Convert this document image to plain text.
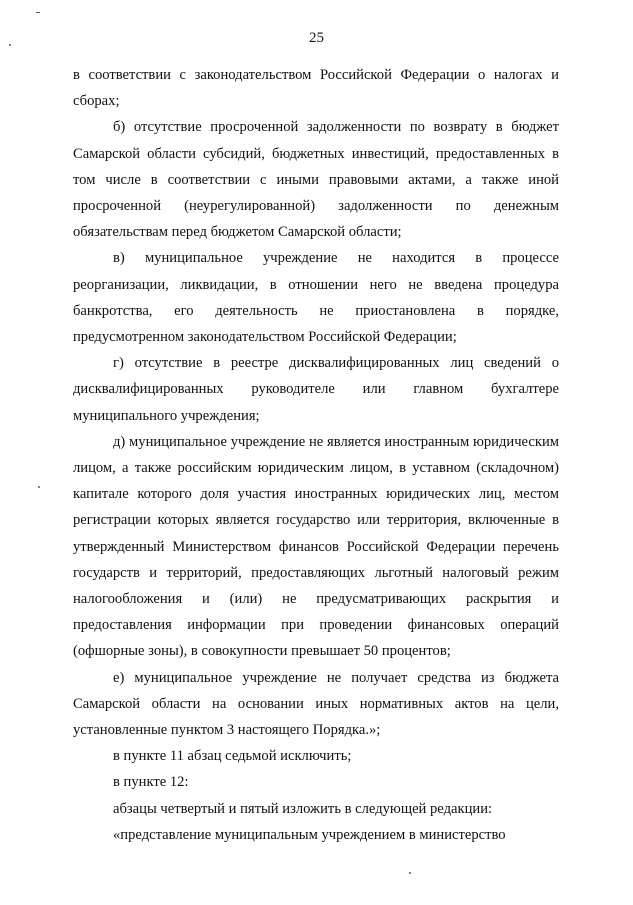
25

в соответствии с законодательством Российской Федерации о налогах и сборах;

б) отсутствие просроченной задолженности по возврату в бюджет Самарской области субсидий, бюджетных инвестиций, предоставленных в том числе в соответствии с иными правовыми актами, а также иной просроченной (неурегулированной) задолженности по денежным обязательствам перед бюджетом Самарской области;

в) муниципальное учреждение не находится в процессе реорганизации, ликвидации, в отношении него не введена процедура банкротства, его деятельность не приостановлена в порядке, предусмотренном законодательством Российской Федерации;

г) отсутствие в реестре дисквалифицированных лиц сведений о дисквалифицированных руководителе или главном бухгалтере муниципального учреждения;

д) муниципальное учреждение не является иностранным юридическим лицом, а также российским юридическим лицом, в уставном (складочном) капитале которого доля участия иностранных юридических лиц, местом регистрации которых является государство или территория, включенные в утвержденный Министерством финансов Российской Федерации перечень государств и территорий, предоставляющих льготный налоговый режим налогообложения и (или) не предусматривающих раскрытия и предоставления информации при проведении финансовых операций (офшорные зоны), в совокупности превышает 50 процентов;

е) муниципальное учреждение не получает средства из бюджета Самарской области на основании иных нормативных актов на цели, установленные пунктом 3 настоящего Порядка.»;

в пункте 11 абзац седьмой исключить;

в пункте 12:

абзацы четвертый и пятый изложить в следующей редакции:

«представление муниципальным учреждением в министерство
